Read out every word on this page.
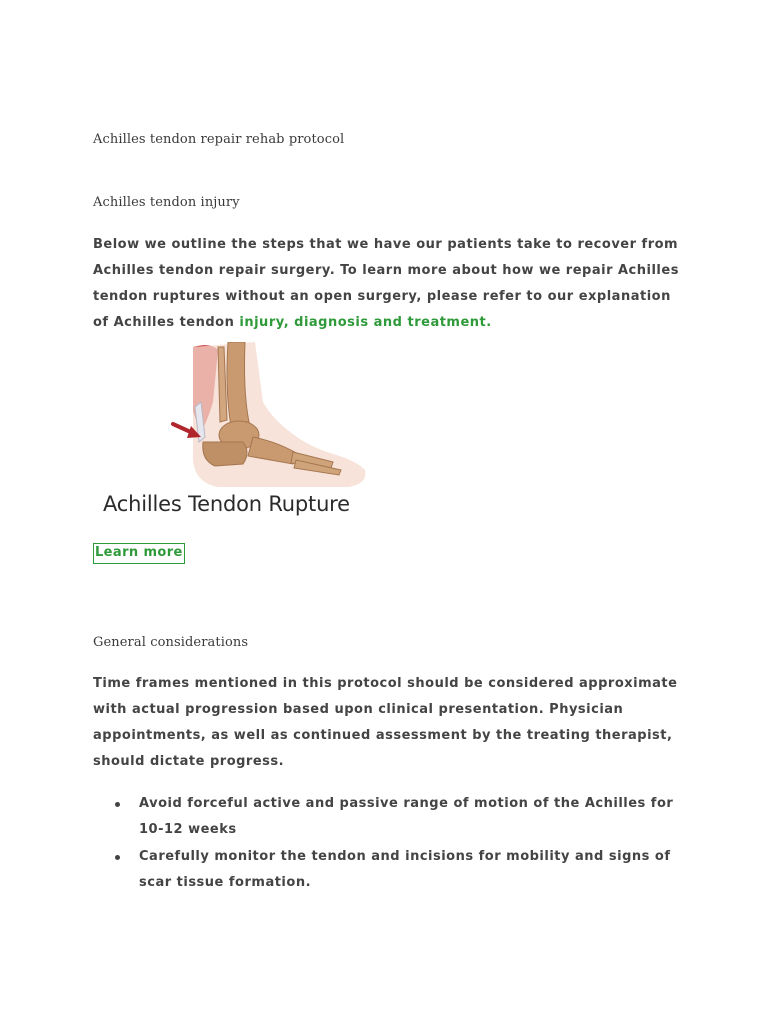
Achilles tendon repair rehab protocol
Achilles tendon injury

Below we outline the steps that we have our patients take to recover from Achilles tendon repair surgery. To learn more about how we repair Achilles tendon ruptures without an open surgery, please refer to our explanation of Achilles tendon injury, diagnosis and treatment.

Achilles Tendon Rupture
Learn more
General considerations

Time frames mentioned in this protocol should be considered approximate with actual progression based upon clinical presentation. Physician appointments, as well as continued assessment by the treating therapist, should dictate progress.

Avoid forceful active and passive range of motion of the Achilles for 10-12 weeks
Carefully monitor the tendon and incisions for mobility and signs of scar tissue formation.
